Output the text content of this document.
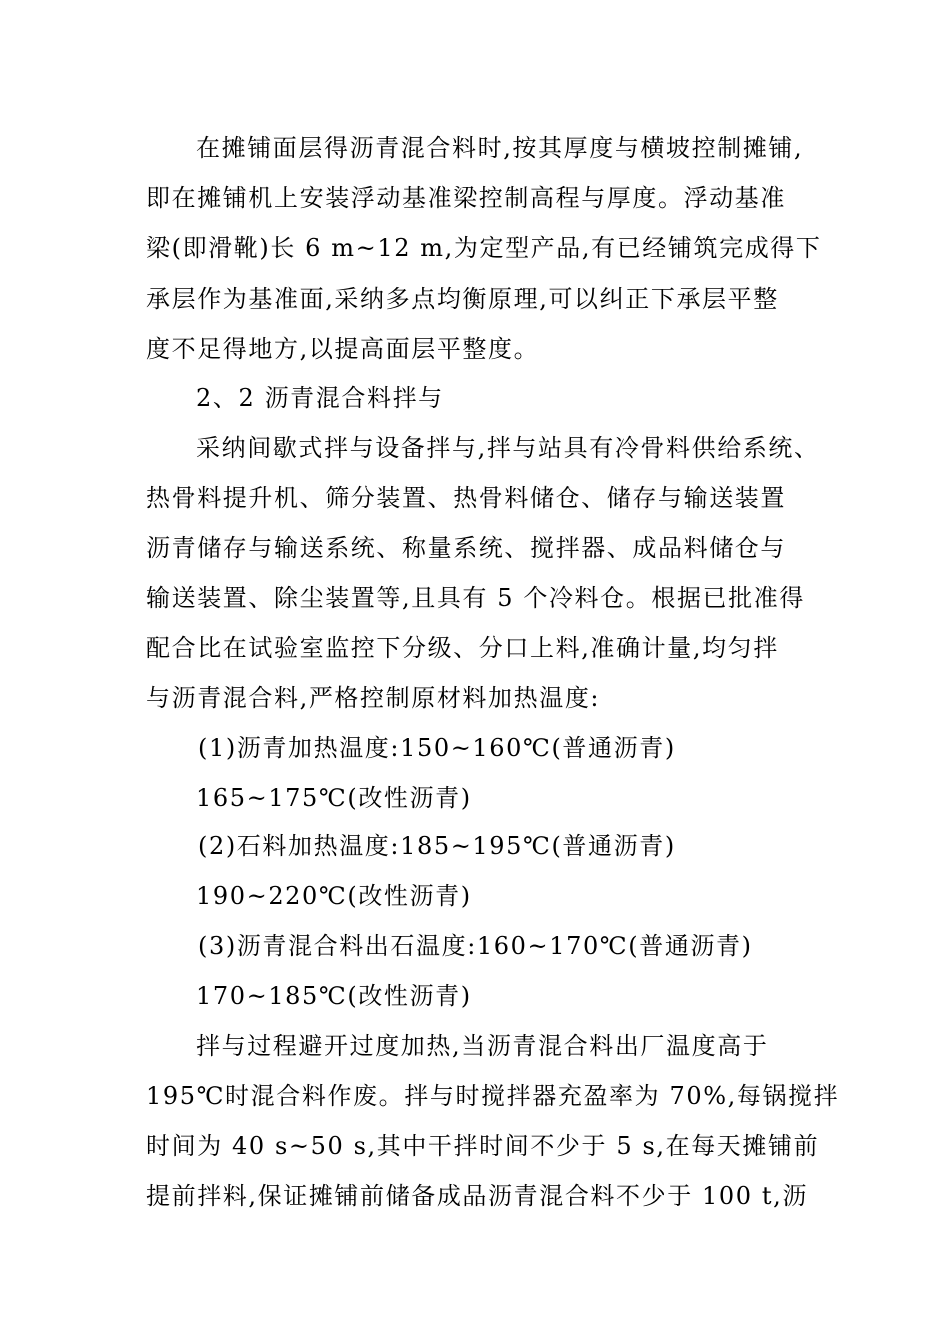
在摊铺面层得沥青混合料时,按其厚度与横坡控制摊铺,
即在摊铺机上安装浮动基准梁控制高程与厚度。浮动基准
梁(即滑靴)长 6 m~12 m,为定型产品,有已经铺筑完成得下
承层作为基准面,采纳多点均衡原理,可以纠正下承层平整
度不足得地方,以提高面层平整度。
2、2 沥青混合料拌与
采纳间歇式拌与设备拌与,拌与站具有冷骨料供给系统、
热骨料提升机、筛分装置、热骨料储仓、储存与输送装置
沥青储存与输送系统、称量系统、搅拌器、成品料储仓与
输送装置、除尘装置等,且具有 5 个冷料仓。根据已批准得
配合比在试验室监控下分级、分口上料,准确计量,均匀拌
与沥青混合料,严格控制原材料加热温度:
(1)沥青加热温度:150~160℃(普通沥青)
165~175℃(改性沥青)
(2)石料加热温度:185~195℃(普通沥青)
190~220℃(改性沥青)
(3)沥青混合料出石温度:160~170℃(普通沥青)
170~185℃(改性沥青)
拌与过程避开过度加热,当沥青混合料出厂温度高于
195℃时混合料作废。拌与时搅拌器充盈率为 70%,每锅搅拌
时间为 40 s~50 s,其中干拌时间不少于 5 s,在每天摊铺前
提前拌料,保证摊铺前储备成品沥青混合料不少于 100 t,沥
